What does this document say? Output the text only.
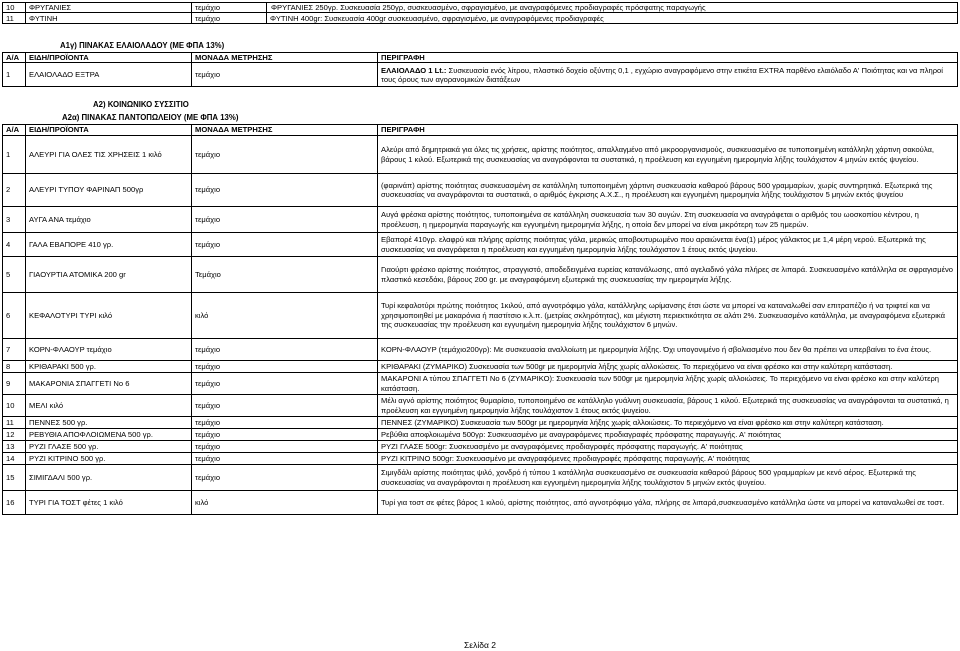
10	ΦΡΥΓΑΝΙΕΣ	τεμάχιο	ΦΡΥΓΑΝΙΕΣ 250γρ. Συσκευασία 250γρ, συσκευασμένο, σφραγισμένο, με αναγραφόμενες προδιαγραφές πρόσφατης παραγωγής
11	ΦΥΤΙΝΗ	τεμάχιο	ΦΥΤΙΝΗ 400gr: Συσκευασία 400gr συσκευασμένο, σφραγισμένο, με αναγραφόμενες προδιαγραφές
Α1γ) ΠΙΝΑΚΑΣ ΕΛΑΙΟΛΑΔΟΥ (ΜΕ ΦΠΑ 13%)
Α/Α	ΕΙΔΗ/ΠΡΟΪΟΝΤΑ	ΜΟΝΑΔΑ ΜΕΤΡΗΣΗΣ	ΠΕΡΙΓΡΑΦΗ
1	ΕΛΑΙΟΛΑΔΟ ΕΞΤΡΑ	τεμάχιο	ΕΛΑΙΟΛΑΔΟ 1 Lt.: Συσκευασία ενός λίτρου, πλαστικό δοχείο οξύντης 0,1 , εγχώριο αναγραφόμενο στην ετικέτα EXTRA παρθένο ελαιόλαδο Α' Ποιότητας και να πληροί τους όρους των αγορανομικών διατάξεων
Α2) ΚΟΙΝΩΝΙΚΟ ΣΥΣΣΙΤΙΟ
Α2α) ΠΙΝΑΚΑΣ ΠΑΝΤΟΠΩΛΕΙΟΥ (ΜΕ ΦΠΑ 13%)
Α/Α	ΕΙΔΗ/ΠΡΟΪΟΝΤΑ	ΜΟΝΑΔΑ ΜΕΤΡΗΣΗΣ	ΠΕΡΙΓΡΑΦΗ
1	ΑΛΕΥΡΙ ΓΙΑ ΟΛΕΣ ΤΙΣ ΧΡΗΣΕΙΣ 1 κιλό	τεμάχιο	Αλεύρι από δημητριακά για όλες τις χρήσεις, αρίστης ποιότητος, απαλλαγμένο από μικροοργανισμούς, συσκευασμένο σε τυποποιημένη κατάλληλη χάρτινη σακούλα, βάρους 1 κιλού. Εξωτερικά της συσκευασίας να αναγράφονται τα συστατικά, η προέλευση και εγγυημένη ημερομηνία λήξης τουλάχιστον 4 μηνών εκτός ψυγείου.
2	ΑΛΕΥΡΙ ΤΥΠΟΥ ΦΑΡΙΝΑΠ 500γρ	τεμάχιο	(φαρινάπ) αρίστης ποιότητας συσκευασμένη σε κατάλληλη τυποποιημένη χάρτινη συσκευασία καθαρού βάρους 500 γραμμαρίων, χωρίς συντηρητικά. Εξωτερικά της συσκευασίας να αναγράφονται τα συστατικά, ο αριθμός έγκρισης Α.Χ.Σ., η προέλευση και εγγυημένη ημερομηνία λήξης τουλάχιστον 5 μηνών εκτός ψυγείου
3	ΑΥΓΑ ΑΝΑ τεμάχιο	τεμάχιο	Αυγά φρέσκα αρίστης ποιότητος, τυποποιημένα σε κατάλληλη συσκευασία των 30 αυγών. Στη συσκευασία να αναγράφεται ο αριθμός του ωοσκοπίου κέντρου, η προέλευση, η ημερομηνία παραγωγής και εγγυημένη ημερομηνία λήξης, η οποία δεν μπορεί να είναι μικρότερη των 25 ημερών.
4	ΓΑΛΑ ΕΒΑΠΟΡΕ 410 γρ.	τεμάχιο	Εβαπορέ 410γρ. ελαφρύ και πλήρης αρίστης ποιότητας γάλα, μερικώς αποβουτυρωμένο που αραιώνεται ένα(1) μέρος γάλακτος με 1,4 μέρη νερού. Εξωτερικά της συσκευασίας να αναγράφεται η προέλευση και εγγυημένη ημερομηνία λήξης τουλάχιστον 1 έτους εκτός ψυγείου.
5	ΓΙΑΟΥΡΤΙΑ ΑΤΟΜΙΚΑ 200 gr	Τεμάχιο	Γιαούρτι φρέσκο αρίστης ποιότητος, στραγγιστό, αποδεδειγμένα ευρείας κατανάλωσης, από αγελαδινό γάλα πλήρες σε λιπαρά. Συσκευασμένο κατάλληλα σε σφραγισμένο πλαστικό κεσεδάκι, βάρους 200 gr. με αναγραφόμενη εξωτερικά της συσκευασίας την ημερομηνία λήξης.
6	ΚΕΦΑΛΟΤΥΡΙ ΤΥΡΙ κιλό	κιλό	Τυρί κεφαλοτύρι πρώτης ποιότητος 1κιλού, από αγνοτρόφιμο γάλα, κατάλληλης ωρίμανσης έτσι ώστε να μπορεί να καταναλωθεί σαν επιτραπέζιο ή να τριφτεί και να χρησιμοποιηθεί με μακαρόνια ή παστίτσιο κ.λ.π. (μετρίας σκληρότητας), και μέγιστη περιεκτικότητα σε αλάτι 2%. Συσκευασμένο κατάλληλα, με αναγραφόμενα εξωτερικά της συσκευασίας την προέλευση και εγγυημένη ημερομηνία λήξης τουλάχιστον 6 μηνών.
7	ΚΟΡΝ-ΦΛΑΟΥΡ τεμάχιο	τεμάχιο	ΚΟΡΝ-ΦΛΑΟΥΡ (τεμάχιο200γρ): Με συσκευασία αναλλοίωτη με ημερομηνία λήξης. Όχι υπογονιμένο ή σβολιασμένο που δεν θα πρέπει να υπερβαίνει το ένα έτους.
8	ΚΡΙΘΑΡΑΚΙ 500 γρ.	τεμάχιο	ΚΡΙΘΑΡΑΚΙ (ΖΥΜΑΡΙΚΟ) Συσκευασία των 500gr με ημερομηνία λήξης χωρίς αλλοιώσεις. Το περιεχόμενο να είναι φρέσκο και στην καλύτερη κατάσταση.
9	ΜΑΚΑΡΟΝΙΑ ΣΠΑΓΓΕΤΙ Νο 6	τεμάχιο	ΜΑΚΑΡΟΝΙ Α τύπου ΣΠΑΓΓΕΤΙ Νο 6 (ΖΥΜΑΡΙΚΟ): Συσκευασία των 500gr με ημερομηνία λήξης χωρίς αλλοιώσεις. Το περιεχόμενο να είναι φρέσκο και στην καλύτερη κατάσταση.
10	ΜΕΛΙ κιλό	τεμάχιο	Μέλι αγνό αρίστης ποιότητος θυμαρίσιο, τυποποιημένο σε κατάλληλο γυάλινη συσκευασία, βάρους 1 κιλού. Εξωτερικά της συσκευασίας να αναγράφονται τα συστατικά, η προέλευση και εγγυημένη ημερομηνία λήξης τουλάχιστον 1 έτους εκτός ψυγείου.
11	ΠΕΝΝΕΣ 500 γρ.	τεμάχιο	ΠΕΝΝΕΣ (ΖΥΜΑΡΙΚΟ) Συσκευασία των 500gr με ημερομηνία λήξης χωρίς αλλοιώσεις. Το περιεχόμενο να είναι φρέσκο και στην καλύτερη κατάσταση.
12	ΡΕΒΥΘΙΑ ΑΠΟΦΛΟΙΩΜΕΝΑ 500 γρ.	τεμάχιο	Ρεβύθια αποφλοιωμένα 500γρ: Συσκευασμένο με αναγραφόμενες προδιαγραφές πρόσφατης παραγωγής. Α' ποιότητας
13	ΡΥΖΙ ΓΛΑΣΕ 500 γρ.	τεμάχιο	ΡΥΖΙ ΓΛΑΣΕ 500gr: Συσκευασμένο με αναγραφόμενες προδιαγραφές πρόσφατης παραγωγής. Α' ποιότητας
14	ΡΥΖΙ ΚΙΤΡΙΝΟ 500 γρ.	τεμάχιο	ΡΥΖΙ ΚΙΤΡΙΝΟ 500gr: Συσκευασμένο με αναγραφόμενες προδιαγραφές πρόσφατης παραγωγής. Α' ποιότητας
15	ΣΙΜΙΓΔΑΛΙ 500 γρ.	τεμάχιο	Σιμιγδάλι αρίστης ποιότητας ψιλό, χονδρό ή τύπου 1 κατάλληλα συσκευασμένο σε συσκευασία καθαρού βάρους 500 γραμμαρίων με κενό αέρος. Εξωτερικά της συσκευασίας να αναγράφονται η προέλευση και εγγυημένη ημερομηνία λήξης τουλάχιστον 5 μηνών εκτός ψυγείου.
16	ΤΥΡΙ ΓΙΑ ΤΟΣΤ φέτες 1 κιλό	κιλό	Τυρί για τοστ σε φέτες βάρος 1 κιλού, αρίστης ποιότητος, από αγνοτρόφιμο γάλα, πλήρης σε λιπαρά,συσκευασμένο κατάλληλα ώστε να μπορεί να καταναλωθεί σε τοστ.
Σελίδα 2
